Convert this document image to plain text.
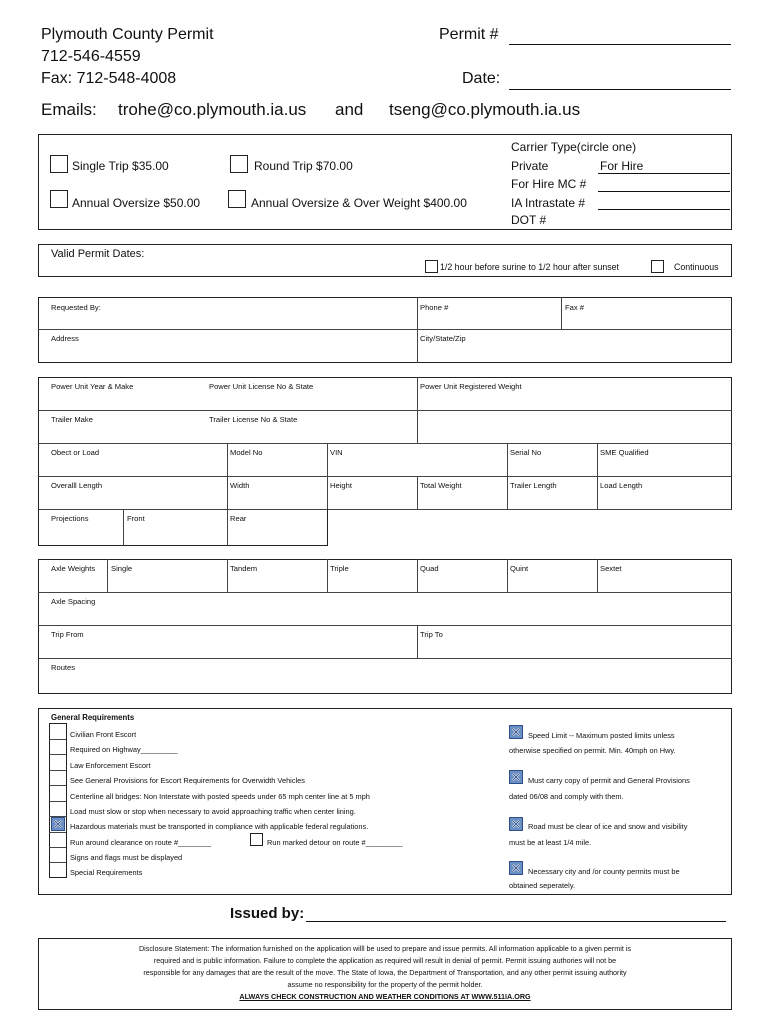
Plymouth County Permit
712-546-4559
Fax: 712-548-4008
Permit #
Date:
Emails: trohe@co.plymouth.ia.us and tseng@co.plymouth.ia.us
Single Trip $35.00	Round Trip $70.00
Annual Oversize $50.00	Annual Oversize & Over Weight $400.00
Carrier Type(circle one)
Private	For Hire
For Hire MC #
IA Intrastate #
DOT #
Valid Permit Dates:
1/2 hour before surine to 1/2 hour after sunset	Continuous
Requested By:	Phone #	Fax #
Address	City/State/Zip
Power Unit Year & Make	Power Unit License No & State	Power Unit Registered Weight
Trailer Make	Trailer License No & State
Obect or Load	Model No	VIN	Serial No	SME Qualified
Overalll Length	Width	Height	Total Weight	Trailer Length	Load Length
Projections	Front	Rear
Axle Weights Single	Tandem	Triple	Quad	Quint	Sextet
Axle Spacing
Trip From	Trip To
Routes
General Requirements
Civilian Front Escort
Required on Highway_________
Law Enforcement Escort
See General Provisions for Escort Requirements for Overwidth Vehicles
Centerline all bridges: Non Interstate with posted speeds under 65 mph center line at 5 mph
Load must slow or stop when necessary to avoid approaching traffic when center lining.
Hazardous materials must be transported in compliance with applicable federal regulations.
Run around clearance on route #________	Run marked detour on route #_________
Signs and flags must be displayed
Special Requirements
Speed Limit -- Maximum posted limits unless
otherwise specified on permit. Min. 40mph on Hwy.
Must carry copy of permit and General Provisions
dated 06/08 and comply with them.
Road must be clear of ice and snow and visibility
must be at least 1/4 mile.
Necessary city and /or county permits must be
obtained seperately.
Issued by:
Disclosure Statement: The information furnished on the application willl be used to prepare and issue permits. All information applicable to a given permit is
required and is public information. Failure to complete the application as required will result in denial of permit. Permit issuing authories will not be
responsible for any damages that are the result of the move. The State of Iowa, the Department of Transportation, and any other permit issuing authority
assume no responsibility for the property of the permit holder.
ALWAYS CHECK CONSTRUCTION AND WEATHER CONDITIONS AT WWW.511IA.ORG
